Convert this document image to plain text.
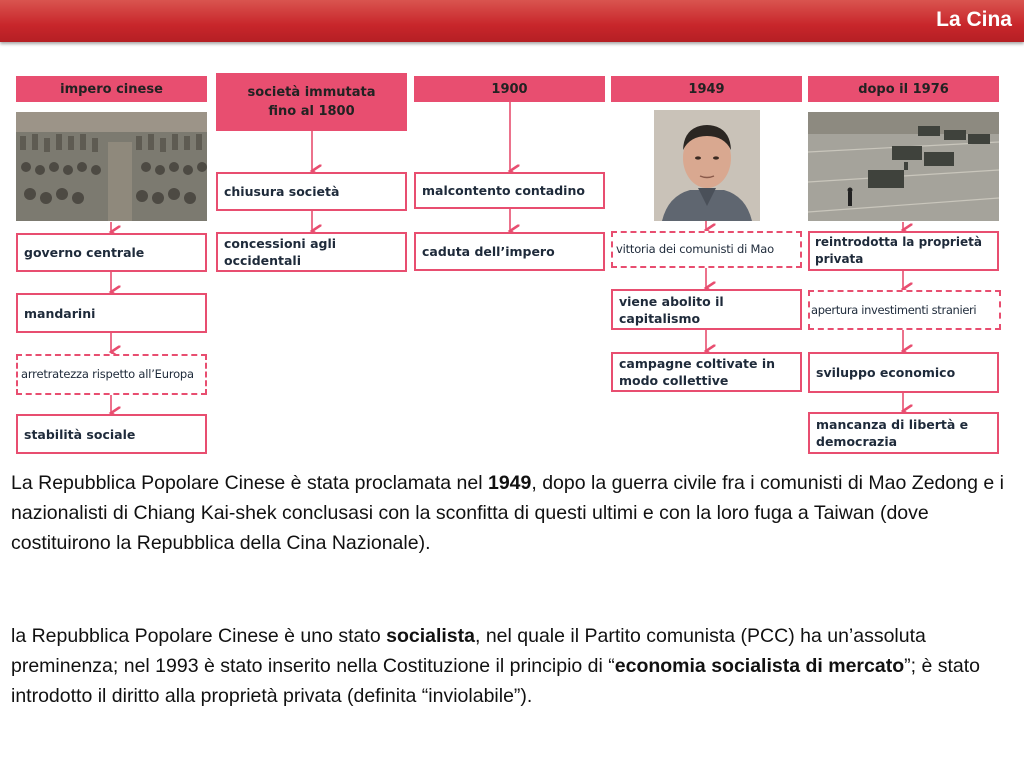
La Cina
impero cinese	società immutata fino al 1800
1900	1949	dopo il 1976
governo centrale
mandarini
arretratezza rispetto all’Europa
stabilità sociale
chiusura società
concessioni agli occidentali
malcontento contadino
caduta dell’impero	vittoria dei comunisti di Mao
viene abolito il capitalismo
campagne coltivate in modo collettive
reintrodotta la proprietà privata
apertura investimenti stranieri
sviluppo economico
mancanza di libertà e democrazia

La Repubblica Popolare Cinese è stata proclamata nel 1949, dopo la guerra civile fra i comunisti di Mao Zedong e i nazionalisti di Chiang Kai-shek conclusasi con la sconfitta di questi ultimi e con la loro fuga a Taiwan (dove costituirono la Repubblica della Cina Nazionale).

la Repubblica Popolare Cinese è uno stato socialista, nel quale il Partito comunista (PCC) ha un’assoluta preminenza; nel 1993 è stato inserito nella Costituzione il principio di “economia socialista di mercato”; è stato introdotto il diritto alla proprietà privata (definita “inviolabile”).
